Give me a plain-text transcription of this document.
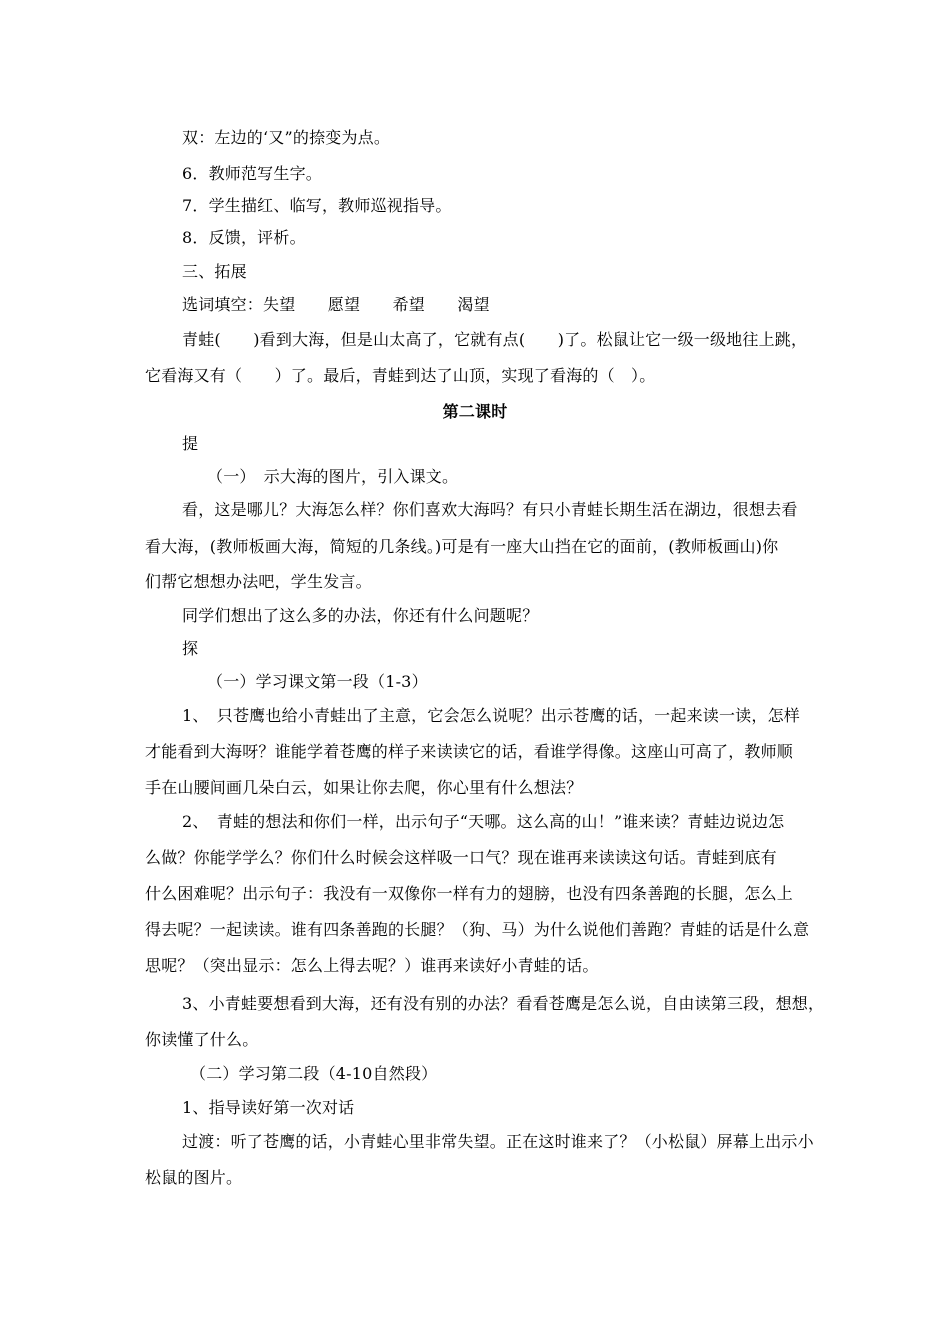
双：左边的‘又”的捺变为点。
6．教师范写生字。
7．学生描红、临写，教师巡视指导。
8．反馈，评析。
三、拓展
选词填空：失望　　愿望　　希望　　渴望
青蛙(　　)看到大海，但是山太高了，它就有点(　　)了。松鼠让它一级一级地往上跳，
它看海又有（　　）了。最后，青蛙到达了山顶，实现了看海的（　）。
第二课时
提
（一）　示大海的图片，引入课文。
看，这是哪儿？大海怎么样？你们喜欢大海吗？有只小青蛙长期生活在湖边，很想去看
看大海，(教师板画大海，简短的几条线。)可是有一座大山挡在它的面前，(教师板画山)你
们帮它想想办法吧，学生发言。
同学们想出了这么多的办法，你还有什么问题呢？
探
（一）学习课文第一段（1-3）
1、　只苍鹰也给小青蛙出了主意，它会怎么说呢？出示苍鹰的话，一起来读一读，怎样
才能看到大海呀？谁能学着苍鹰的样子来读读它的话，看谁学得像。这座山可高了，教师顺
手在山腰间画几朵白云，如果让你去爬，你心里有什么想法？
2、　青蛙的想法和你们一样，出示句子“天哪。这么高的山！”谁来读？青蛙边说边怎
么做？你能学学么？你们什么时候会这样吸一口气？现在谁再来读读这句话。青蛙到底有
什么困难呢？出示句子：我没有一双像你一样有力的翅膀，也没有四条善跑的长腿，怎么上
得去呢？一起读读。谁有四条善跑的长腿？（狗、马）为什么说他们善跑？青蛙的话是什么意
思呢？（突出显示：怎么上得去呢？）谁再来读好小青蛙的话。
3、小青蛙要想看到大海，还有没有别的办法？看看苍鹰是怎么说，自由读第三段，想想，
你读懂了什么。
（二）学习第二段（4-10自然段）
1、指导读好第一次对话
过渡：听了苍鹰的话，小青蛙心里非常失望。正在这时谁来了？（小松鼠）屏幕上出示小
松鼠的图片。
